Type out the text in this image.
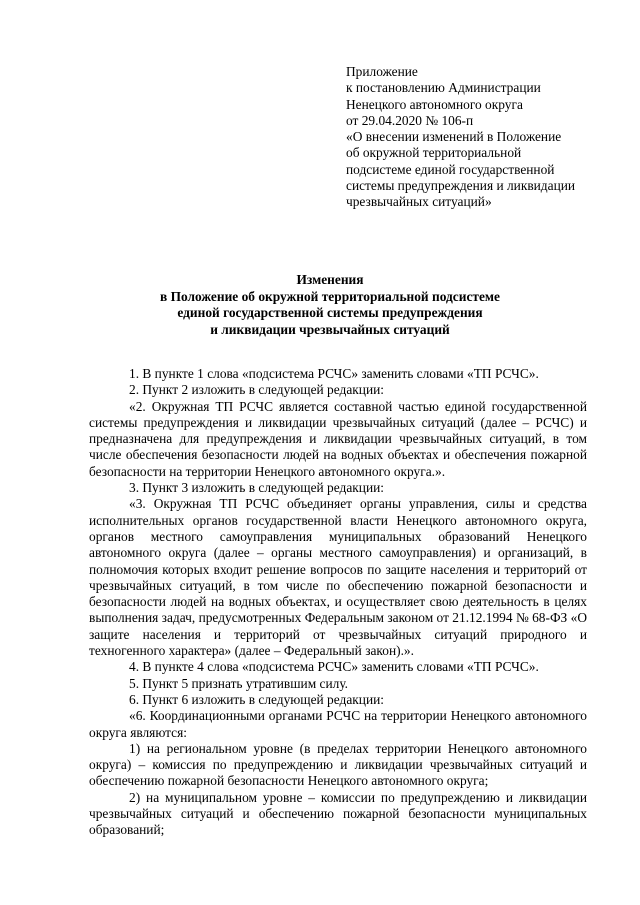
Приложение
к постановлению Администрации
Ненецкого автономного округа
от 29.04.2020 № 106-п
«О внесении изменений в Положение
об окружной территориальной
подсистеме единой государственной
системы предупреждения и ликвидации
чрезвычайных ситуаций»
Изменения
в Положение об окружной территориальной подсистеме
единой государственной системы предупреждения
и ликвидации чрезвычайных ситуаций

1. В пункте 1 слова «подсистема РСЧС» заменить словами «ТП РСЧС».

2. Пункт 2 изложить в следующей редакции:

«2. Окружная ТП РСЧС является составной частью единой государственной системы предупреждения и ликвидации чрезвычайных ситуаций (далее – РСЧС) и предназначена для предупреждения и ликвидации чрезвычайных ситуаций, в том числе обеспечения безопасности людей на водных объектах и обеспечения пожарной безопасности на территории Ненецкого автономного округа.».

3. Пункт 3 изложить в следующей редакции:

«3. Окружная ТП РСЧС объединяет органы управления, силы и средства исполнительных органов государственной власти Ненецкого автономного округа, органов местного самоуправления муниципальных образований Ненецкого автономного округа (далее – органы местного самоуправления) и организаций, в полномочия которых входит решение вопросов по защите населения и территорий от чрезвычайных ситуаций, в том числе по обеспечению пожарной безопасности и безопасности людей на водных объектах, и осуществляет свою деятельность в целях выполнения задач, предусмотренных Федеральным законом от 21.12.1994 № 68-ФЗ «О защите населения и территорий от чрезвычайных ситуаций природного и техногенного характера» (далее – Федеральный закон).».

4. В пункте 4 слова «подсистема РСЧС» заменить словами «ТП РСЧС».

5. Пункт 5 признать утратившим силу.

6. Пункт 6 изложить в следующей редакции:

«6. Координационными органами РСЧС на территории Ненецкого автономного округа являются:

1) на региональном уровне (в пределах территории Ненецкого автономного округа) – комиссия по предупреждению и ликвидации чрезвычайных ситуаций и обеспечению пожарной безопасности Ненецкого автономного округа;

2) на муниципальном уровне – комиссии по предупреждению и ликвидации чрезвычайных ситуаций и обеспечению пожарной безопасности муниципальных образований;
